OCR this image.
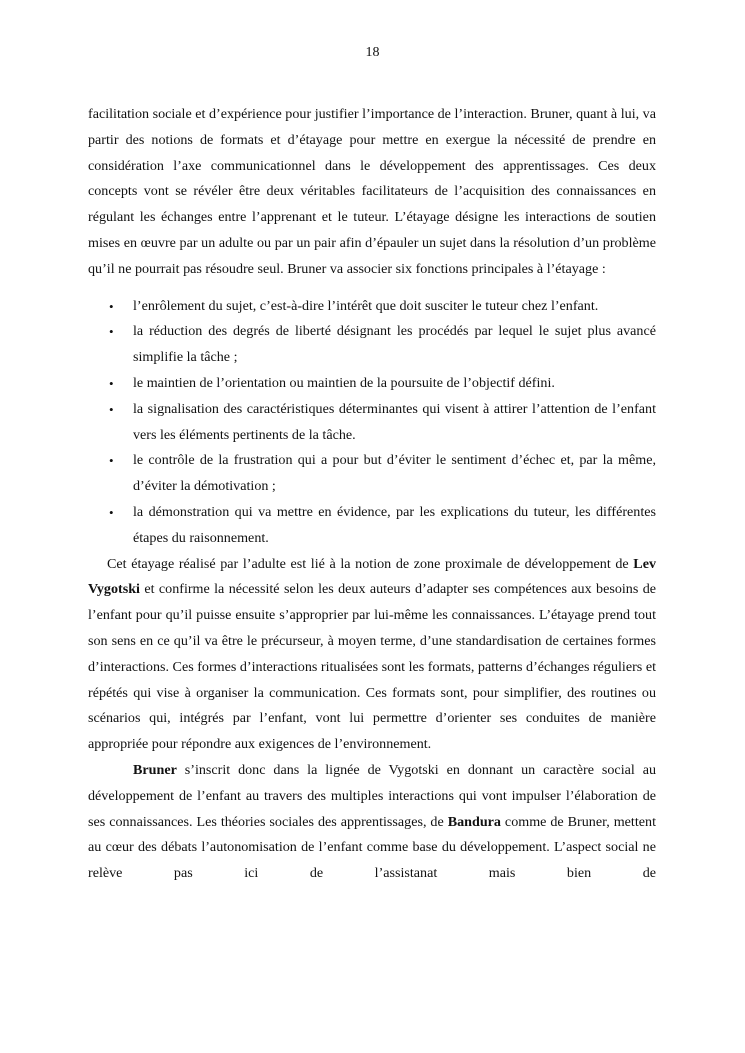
18

facilitation sociale et d’expérience pour justifier l’importance de l’interaction. Bruner, quant à lui, va partir des notions de formats et d’étayage pour mettre en exergue la nécessité de prendre en considération l’axe communicationnel dans le développement des apprentissages. Ces deux concepts vont se révéler être deux véritables facilitateurs de l’acquisition des connaissances en régulant les échanges entre l’apprenant et le tuteur. L’étayage désigne les interactions de soutien mises en œuvre par un adulte ou par un pair afin d’épauler un sujet dans la résolution d’un problème qu’il ne pourrait pas résoudre seul. Bruner va associer six fonctions principales à l’étayage :

• l’enrôlement du sujet, c’est-à-dire l’intérêt que doit susciter le tuteur chez l’enfant.
• la réduction des degrés de liberté désignant les procédés par lequel le sujet plus avancé simplifie la tâche ;
• le maintien de l’orientation ou maintien de la poursuite de l’objectif défini.
• la signalisation des caractéristiques déterminantes qui visent à attirer l’attention de l’enfant vers les éléments pertinents de la tâche.
• le contrôle de la frustration qui a pour but d’éviter le sentiment d’échec et, par la même, d’éviter la démotivation ;
• la démonstration qui va mettre en évidence, par les explications du tuteur, les différentes étapes du raisonnement.

Cet étayage réalisé par l’adulte est lié à la notion de zone proximale de développement de Lev Vygotski et confirme la nécessité selon les deux auteurs d’adapter ses compétences aux besoins de l’enfant pour qu’il puisse ensuite s’approprier par lui-même les connaissances. L’étayage prend tout son sens en ce qu’il va être le précurseur, à moyen terme, d’une standardisation de certaines formes d’interactions. Ces formes d’interactions ritualisées sont les formats, patterns d’échanges réguliers et répétés qui vise à organiser la communication. Ces formats sont, pour simplifier, des routines ou scénarios qui, intégrés par l’enfant, vont lui permettre d’orienter ses conduites de manière appropriée pour répondre aux exigences de l’environnement.

Bruner s’inscrit donc dans la lignée de Vygotski en donnant un caractère social au développement de l’enfant au travers des multiples interactions qui vont impulser l’élaboration de ses connaissances. Les théories sociales des apprentissages, de Bandura comme de Bruner, mettent au cœur des débats l’autonomisation de l’enfant comme base du développement. L’aspect social ne relève pas ici de l’assistanat mais bien de
